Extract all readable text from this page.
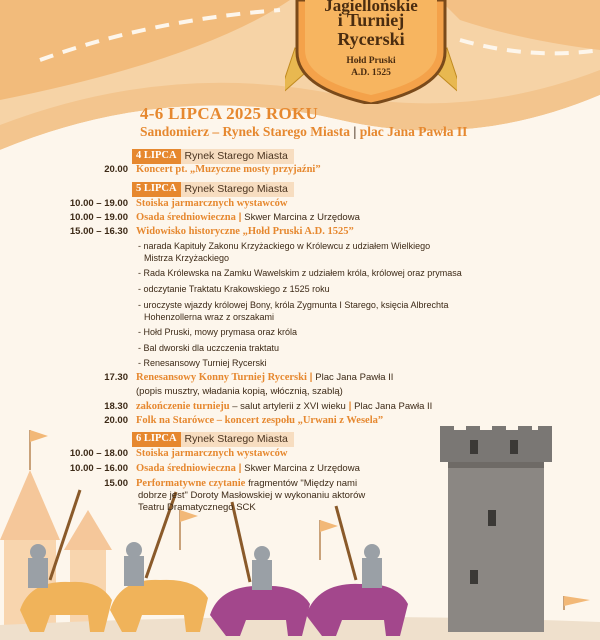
Jagiellońskie
i Turniej
Rycerski
Hołd Pruski
A.D. 1525
4-6 LIPCA 2025 ROKU
Sandomierz – Rynek Starego Miasta | plac Jana Pawła II
4 LIPCA Rynek Starego Miasta
20.00 Koncert pt. „Muzyczne mosty przyjaźni”
5 LIPCA Rynek Starego Miasta
10.00 – 19.00 Stoiska jarmarcznych wystawców
10.00 – 19.00 Osada średniowieczna | Skwer Marcina z Urzędowa
15.00 – 16.30 Widowisko historyczne „Hołd Pruski A.D. 1525”
- narada Kapituły Zakonu Krzyżackiego w Królewcu z udziałem Wielkiego
Mistrza Krzyżackiego
- Rada Królewska na Zamku Wawelskim z udziałem króla, królowej oraz prymasa
- odczytanie Traktatu Krakowskiego z 1525 roku
- uroczyste wjazdy królowej Bony, króla Zygmunta I Starego, księcia Albrechta
Hohenzollerna wraz z orszakami
- Hołd Pruski, mowy prymasa oraz króla
- Bal dworski dla uczczenia traktatu
- Renesansowy Turniej Rycerski
17.30 Renesansowy Konny Turniej Rycerski | Plac Jana Pawła II
(popis musztry, władania kopią, włócznią, szablą)
18.30 zakończenie turnieju – salut artylerii z XVI wieku | Plac Jana Pawła II
20.00 Folk na Starówce – koncert zespołu „Urwani z Wesela”
6 LIPCA Rynek Starego Miasta
10.00 – 18.00 Stoiska jarmarcznych wystawców
10.00 – 16.00 Osada średniowieczna | Skwer Marcina z Urzędowa
15.00 Performatywne czytanie fragmentów "Między nami
dobrze jest" Doroty Masłowskiej w wykonaniu aktorów
Teatru Dramatycznego SCK
